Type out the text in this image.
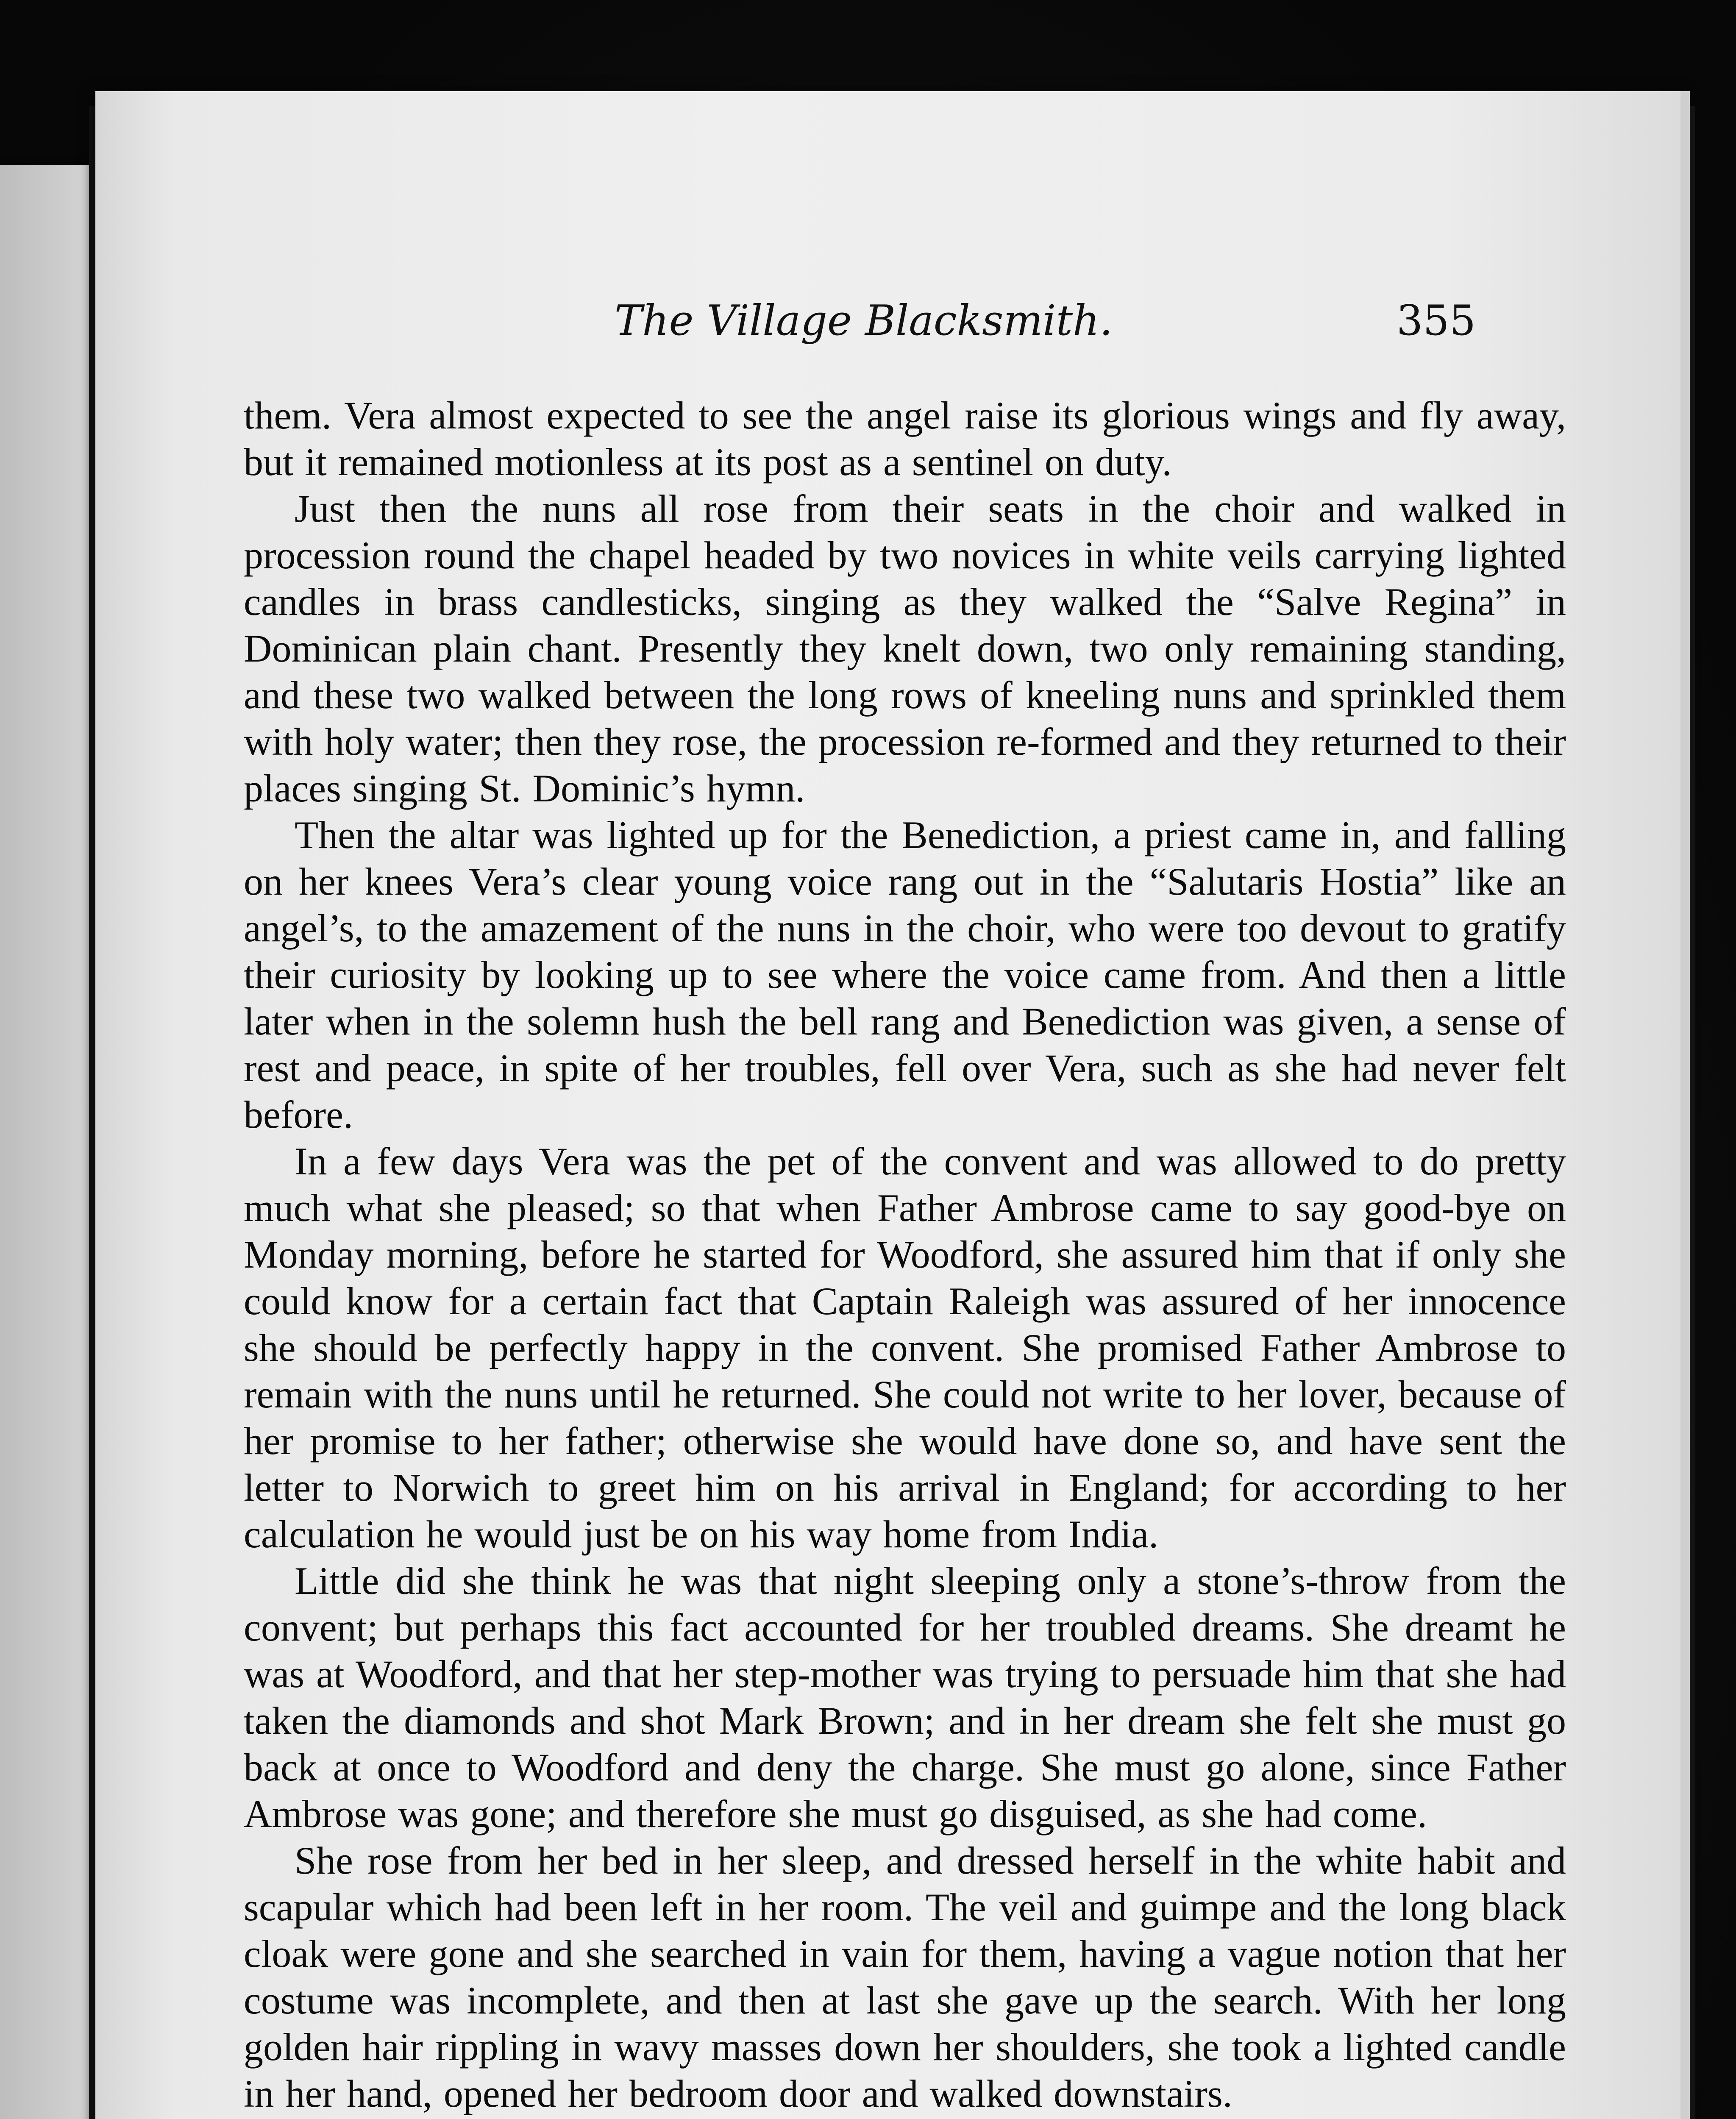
The Village Blacksmith.	355

them. Vera almost expected to see the angel raise its glorious wings and fly away, but it remained motionless at its post as a sentinel on duty.

Just then the nuns all rose from their seats in the choir and walked in procession round the chapel headed by two novices in white veils carrying lighted candles in brass candlesticks, singing as they walked the “Salve Regina” in Dominican plain chant. Presently they knelt down, two only remaining standing, and these two walked between the long rows of kneeling nuns and sprinkled them with holy water; then they rose, the procession re-formed and they returned to their places singing St. Dominic’s hymn.

Then the altar was lighted up for the Benediction, a priest came in, and falling on her knees Vera’s clear young voice rang out in the “Salutaris Hostia” like an angel’s, to the amazement of the nuns in the choir, who were too devout to gratify their curiosity by looking up to see where the voice came from. And then a little later when in the solemn hush the bell rang and Benediction was given, a sense of rest and peace, in spite of her troubles, fell over Vera, such as she had never felt before.

In a few days Vera was the pet of the convent and was allowed to do pretty much what she pleased; so that when Father Ambrose came to say good-bye on Monday morning, before he started for Woodford, she assured him that if only she could know for a certain fact that Captain Raleigh was assured of her innocence she should be perfectly happy in the convent. She promised Father Ambrose to remain with the nuns until he returned. She could not write to her lover, because of her promise to her father; otherwise she would have done so, and have sent the letter to Norwich to greet him on his arrival in England; for according to her calculation he would just be on his way home from India.

Little did she think he was that night sleeping only a stone’s-throw from the convent; but perhaps this fact accounted for her troubled dreams. She dreamt he was at Woodford, and that her step-mother was trying to persuade him that she had taken the diamonds and shot Mark Brown; and in her dream she felt she must go back at once to Woodford and deny the charge. She must go alone, since Father Ambrose was gone; and therefore she must go disguised, as she had come.

She rose from her bed in her sleep, and dressed herself in the white habit and scapular which had been left in her room. The veil and guimpe and the long black cloak were gone and she searched in vain for them, having a vague notion that her costume was incomplete, and then at last she gave up the search. With her long golden hair rippling in wavy masses down her shoulders, she took a lighted candle in her hand, opened her bedroom door and walked downstairs.
